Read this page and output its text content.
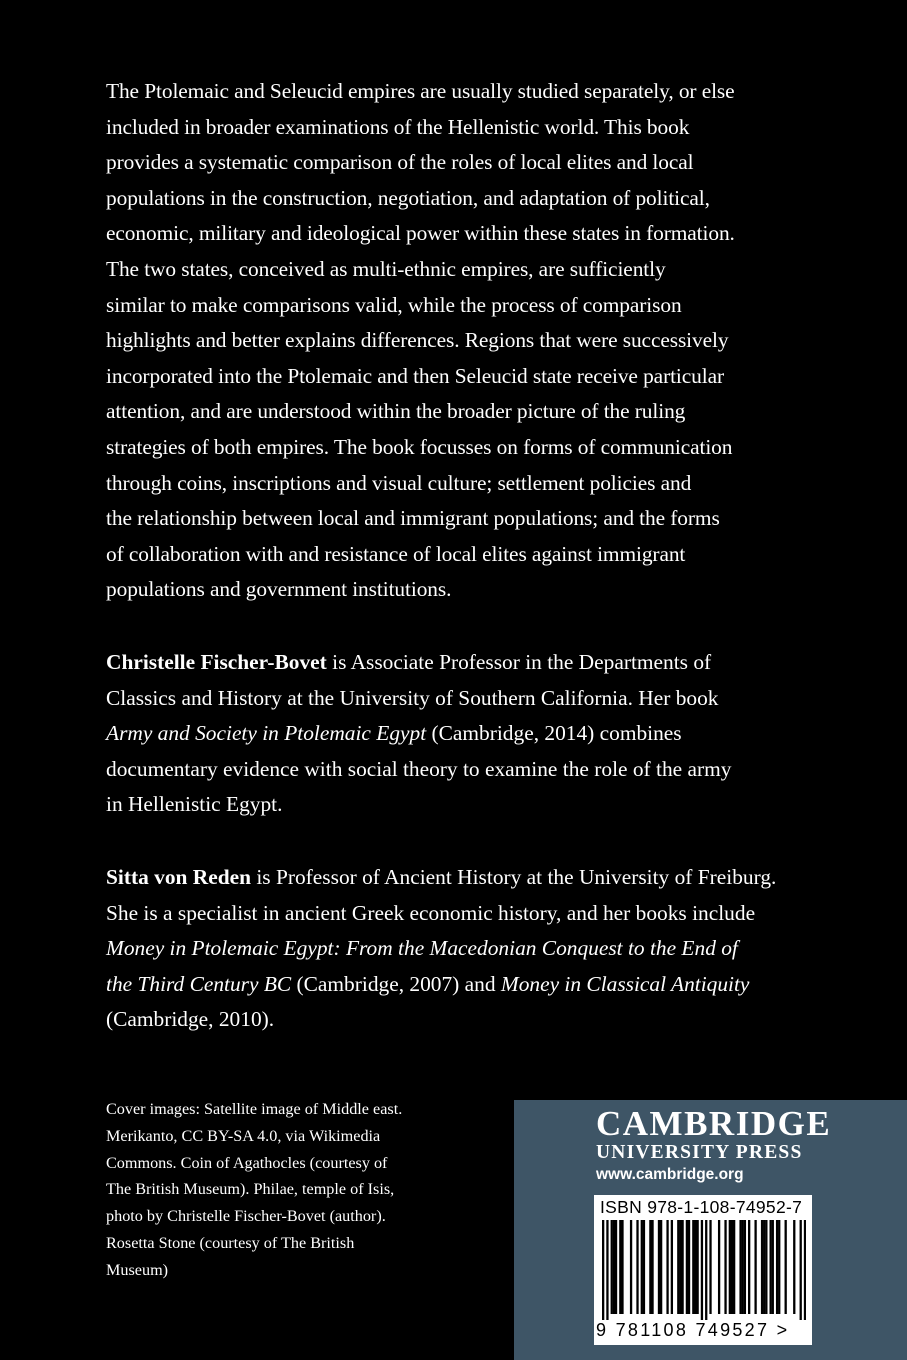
The Ptolemaic and Seleucid empires are usually studied separately, or else
included in broader examinations of the Hellenistic world. This book
provides a systematic comparison of the roles of local elites and local
populations in the construction, negotiation, and adaptation of political,
economic, military and ideological power within these states in formation.
The two states, conceived as multi-ethnic empires, are sufficiently
similar to make comparisons valid, while the process of comparison
highlights and better explains differences. Regions that were successively
incorporated into the Ptolemaic and then Seleucid state receive particular
attention, and are understood within the broader picture of the ruling
strategies of both empires. The book focusses on forms of communication
through coins, inscriptions and visual culture; settlement policies and
the relationship between local and immigrant populations; and the forms
of collaboration with and resistance of local elites against immigrant
populations and government institutions.

Christelle Fischer-Bovet is Associate Professor in the Departments of
Classics and History at the University of Southern California. Her book
Army and Society in Ptolemaic Egypt (Cambridge, 2014) combines
documentary evidence with social theory to examine the role of the army
in Hellenistic Egypt.

Sitta von Reden is Professor of Ancient History at the University of Freiburg.
She is a specialist in ancient Greek economic history, and her books include
Money in Ptolemaic Egypt: From the Macedonian Conquest to the End of
the Third Century BC (Cambridge, 2007) and Money in Classical Antiquity
(Cambridge, 2010).

Cover images: Satellite image of Middle east.
Merikanto, CC BY-SA 4.0, via Wikimedia
Commons. Coin of Agathocles (courtesy of
The British Museum). Philae, temple of Isis,
photo by Christelle Fischer-Bovet (author).
Rosetta Stone (courtesy of The British
Museum)

CAMBRIDGE
UNIVERSITY PRESS
www.cambridge.org
ISBN 978-1-108-74952-7
9 781108 749527 >
